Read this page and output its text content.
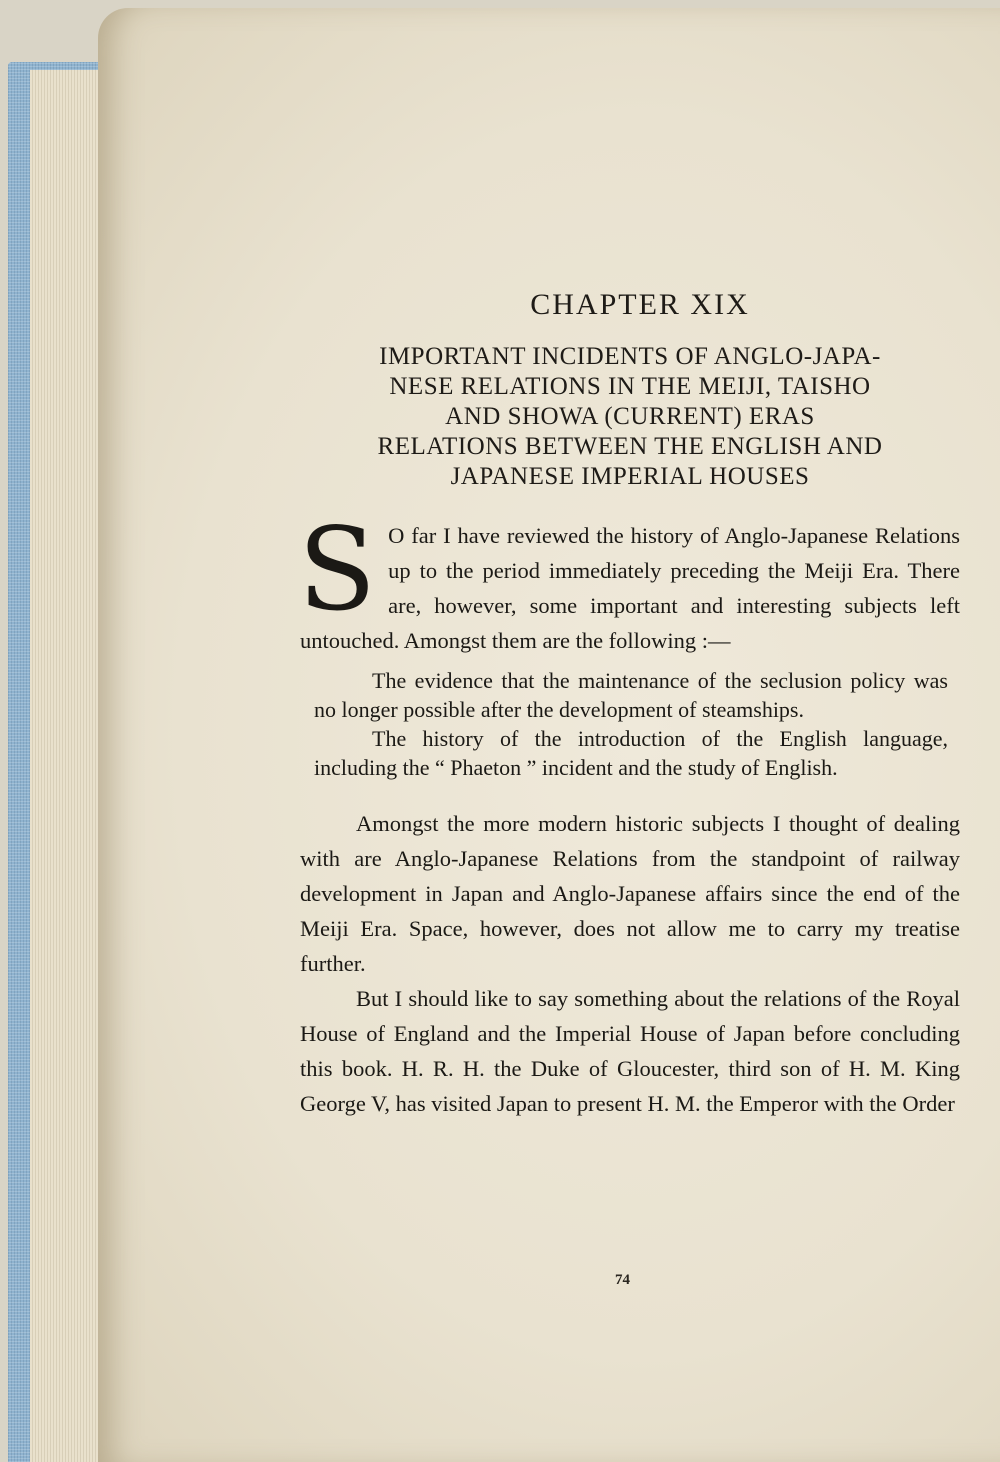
CHAPTER XIX
IMPORTANT INCIDENTS OF ANGLO-JAPA-
NESE RELATIONS IN THE MEIJI, TAISHO
AND SHOWA (CURRENT) ERAS
RELATIONS BETWEEN THE ENGLISH AND
JAPANESE IMPERIAL HOUSES

S O far I have reviewed the history of Anglo-Japanese Relations up to the period immediately preceding the Meiji Era. There are, however, some important and interesting subjects left untouched. Amongst them are the following :—

The evidence that the maintenance of the seclusion policy was no longer possible after the development of steamships.

The history of the introduction of the English language, including the “ Phaeton ” incident and the study of English.

Amongst the more modern historic subjects I thought of dealing with are Anglo-Japanese Relations from the standpoint of railway development in Japan and Anglo-Japanese affairs since the end of the Meiji Era. Space, however, does not allow me to carry my treatise further.

But I should like to say something about the relations of the Royal House of England and the Imperial House of Japan before concluding this book. H. R. H. the Duke of Gloucester, third son of H. M. King George V, has visited Japan to present H. M. the Emperor with the Order

74
